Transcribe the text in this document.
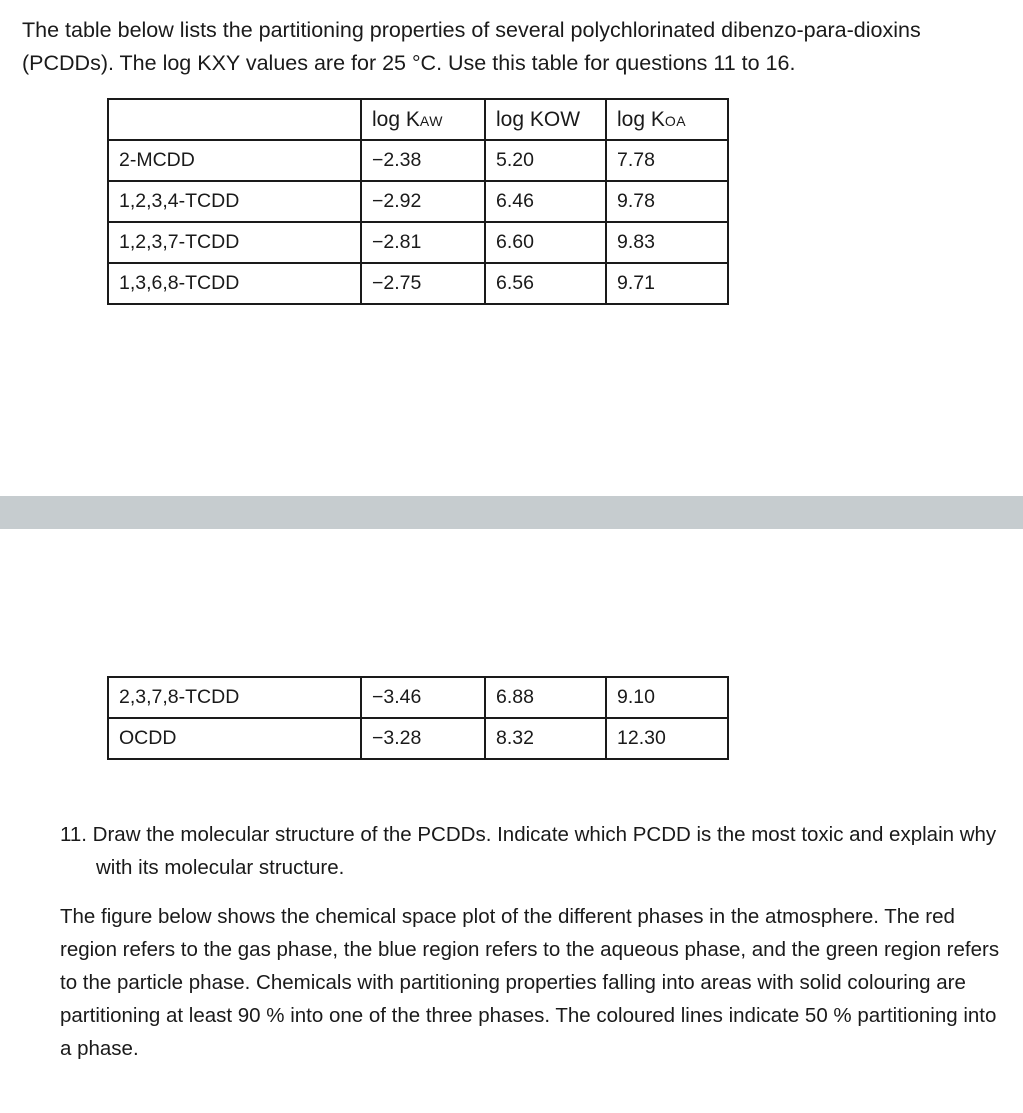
The table below lists the partitioning properties of several polychlorinated dibenzo-para-dioxins (PCDDs). The log KXY values are for 25 °C. Use this table for questions 11 to 16.

	log KAW	log KOW	log KOA
2-MCDD	−2.38	5.20	7.78
1,2,3,4-TCDD	−2.92	6.46	9.78
1,2,3,7-TCDD	−2.81	6.60	9.83
1,3,6,8-TCDD	−2.75	6.56	9.71
2,3,7,8-TCDD	−3.46	6.88	9.10
OCDD	−3.28	8.32	12.30

11. Draw the molecular structure of the PCDDs. Indicate which PCDD is the most toxic and explain why with its molecular structure.

The figure below shows the chemical space plot of the different phases in the atmosphere. The red region refers to the gas phase, the blue region refers to the aqueous phase, and the green region refers to the particle phase. Chemicals with partitioning properties falling into areas with solid colouring are partitioning at least 90 % into one of the three phases. The coloured lines indicate 50 % partitioning into a phase.
